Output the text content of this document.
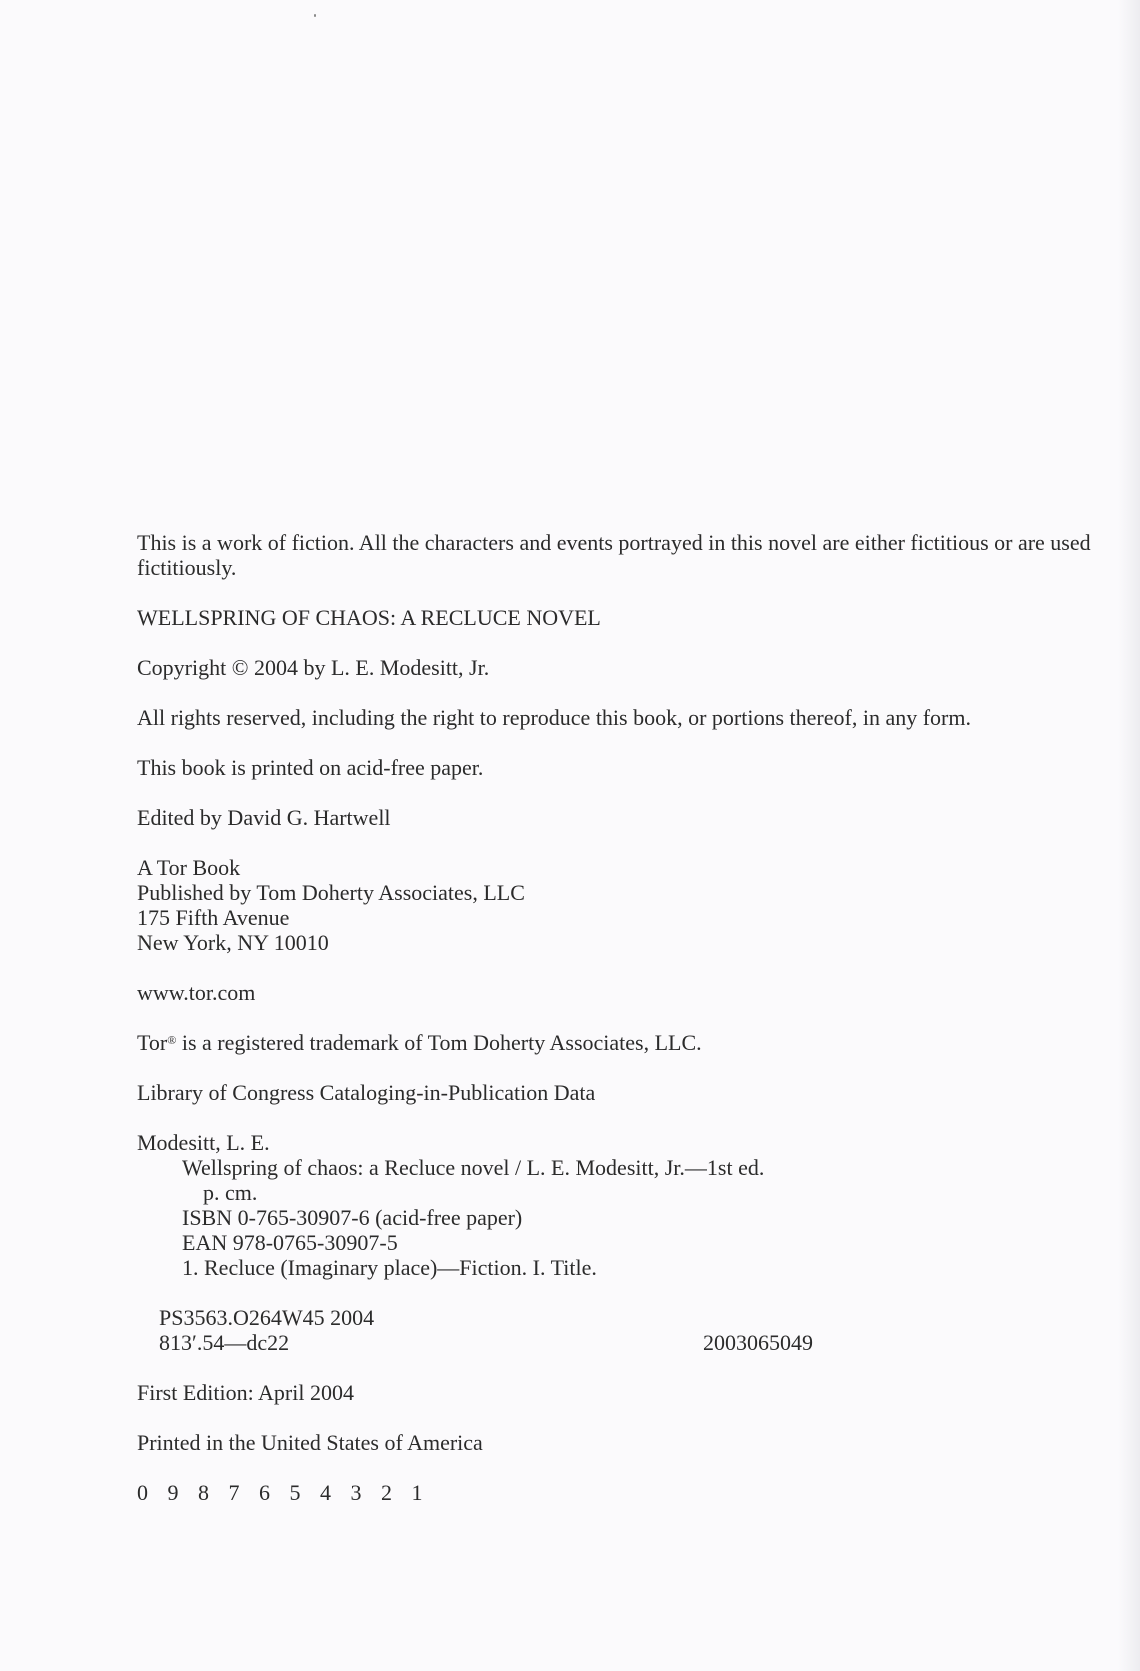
This is a work of fiction. All the characters and events portrayed in this novel are either fictitious or are used fictitiously.

WELLSPRING OF CHAOS: A RECLUCE NOVEL

Copyright © 2004 by L. E. Modesitt, Jr.

All rights reserved, including the right to reproduce this book, or portions thereof, in any form.

This book is printed on acid-free paper.

Edited by David G. Hartwell

A Tor Book

Published by Tom Doherty Associates, LLC

175 Fifth Avenue

New York, NY 10010

www.tor.com

Tor® is a registered trademark of Tom Doherty Associates, LLC.

Library of Congress Cataloging-in-Publication Data

Modesitt, L. E.

Wellspring of chaos: a Recluce novel / L. E. Modesitt, Jr.—1st ed.

p. cm.

ISBN 0-765-30907-6 (acid-free paper)

EAN 978-0765-30907-5

1. Recluce (Imaginary place)—Fiction. I. Title.

PS3563.O264W45 2004

813′.54—dc22	2003065049

First Edition: April 2004

Printed in the United States of America

0 9 8 7 6 5 4 3 2 1
